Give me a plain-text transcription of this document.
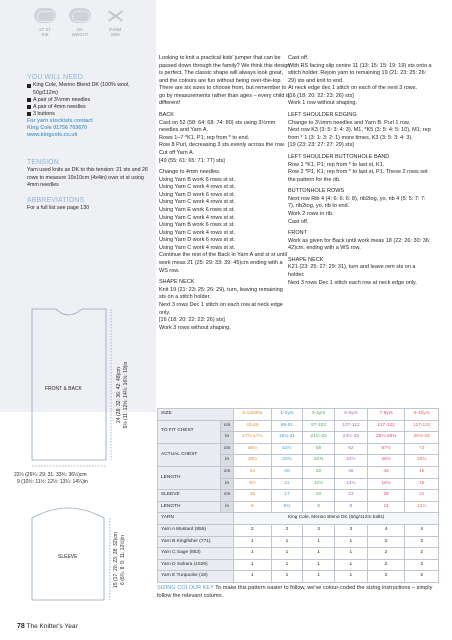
ST ST
RIB
DK
WEIGHT
3½MM
4MM
YOU WILL NEED
King Cole, Merino Blend DK (100% wool, 50g/112m)
A pair of 3½mm needles
A pair of 4mm needles
3 buttons
For yarn stockists contact
King Cole 01756 703670
www.kingcole.co.uk
TENSION
Yarn used knits as DK to this tension: 21 sts and 26 rows to measure 10x10cm (4x4in) over st st using 4mm needles
ABBREVIATIONS
For a full list see page 130
FRONT & BACK
SLEEVE
24 (28: 32: 36: 42: 48)cm 9½ (11: 12½: 14¼: 16½: 19)in
22¼ (26¾: 29: 31: 33¾: 36½)cm
9 (10½: 11½: 12½: 13¼: 14¼)in
15 (17: 20: 23: 28: 32)cm 6 (6¾: 8: 9: 11: 12½)in
Looking to knit a practical kids' jumper that can be passed down through the family? We think this design is perfect. The classic shape will always look great, and the colours are fun without being over-the-top. There are six sizes to choose from, but remember to go by measurements rather than ages – every child is different!
BACK
Cast on 52 (58: 64: 68: 74: 80) sts using 3½mm needles and Yarn A.
Rows 1–7 *K1, P1; rep from * to end.
Row 8 Purl, decreasing 3 sts evenly across the row. Cut off Yarn A.
[49 (55: 61: 65: 71: 77) sts]
Change to 4mm needles.
Using Yarn B work 6 rows st st.
Using Yarn C work 4 rows st st.
Using Yarn D work 6 rows st st.
Using Yarn C work 4 rows st st.
Using Yarn E work 6 rows st st.
Using Yarn C work 4 rows st st.
Using Yarn B work 6 rows st st.
Using Yarn C work 4 rows st st.
Using Yarn D work 6 rows st st.
Using Yarn C work 4 rows st st.
Continue the rest of the Back in Yarn A and st st until work meas 21 (25: 29: 33: 39: 45)cm ending with a WS row.
SHAPE NECK
Knit 19 (21: 23: 25: 26: 29), turn, leaving remaining sts on a stitch holder.
Next 3 rows Dec 1 stitch on each row at neck edge only.
[16 (18: 20: 22: 23: 26) sts]
Work 3 rows without shaping.
Cast off.
With RS facing slip centre 11 (13: 15: 15: 19: 19) sts onto a stitch holder. Rejoin yarn to remaining 19 (21: 23: 25: 26: 29) sts and knit to end.
At neck edge dec 1 stitch on each of the next 3 rows.
[16 (18: 20: 22: 23: 26) sts]
Work 1 row without shaping.
LEFT SHOULDER EDGING
Change to 3½mm needles and Yarn B. Purl 1 row.
Next row K3 (3: 5: 3: 4: 3), M1, *K5 (3: 5: 4: 5: 10), M1; rep from * 1 (3: 1: 3: 2: 1) more times, K3 (3: 5: 3: 4: 3).
[19 (23: 23: 27: 27: 29) sts]
LEFT SHOULDER BUTTONHOLE BAND
Row 1 *K1, P1; rep from * to last st, K1.
Row 2 *P1, K1; rep from * to last st, P1. These 2 rows set the pattern for the rib.
BUTTONHOLE ROWS
Next row Rib 4 (4: 6: 6: 6: 8), rib2tog, yo, rib 4 (5: 5: 7: 7: 7), rib2tog, yo, rib to end.
Work 2 rows in rib.
Cast off.
FRONT
Work as given for Back until work meas 18 (22: 26: 30: 36: 42)cm, ending with a WS row.
SHAPE NECK
K21 (23: 25: 27: 29: 31), turn and leave rem sts on a holder.
Next 3 rows Dec 1 stitch each row at neck edge only.
SIZE		6-12mths	1-2yrs	3-4yrs	5-6yrs	7-8yrs	9-10yrs
TO FIT CHEST	cm	43-45	86-91	97-102	107-112	117-122	127-132
	in	17½-17¾	18¾-21	21½-23	23½-25	25½-26¾	26¾-28
ACTUAL CHEST	cm	46½	52½	58	62	67½	73
	in	18¼	20¾	22¾	24½	26½	28¾
LENGTH	cm	24	28	32	36	42	48
	in	9½	11	12½	14¼	16½	19
SLEEVE	cm	15	17	20	23	28	32
LENGTH	in	6	6¾	8	9	11	12½
YARN		King Cole, Merino Blend DK (50g/112m balls)					
Yarn A Mustard (855)		2	2	3	3	4	4
Yarn B Kingfisher (771)		1	1	1	1	2	2
Yarn C Sage (853)		1	1	1	1	2	2
Yarn D Sahara (1529)		1	1	1	1	2	2
Yarn E Turquoise (18)		1	1	1	1	2	2
SIZING COLOUR KEY To make this pattern easier to follow, we've colour-coded the sizing instructions – simply follow the relevant column.
78 The Knitter's Year
